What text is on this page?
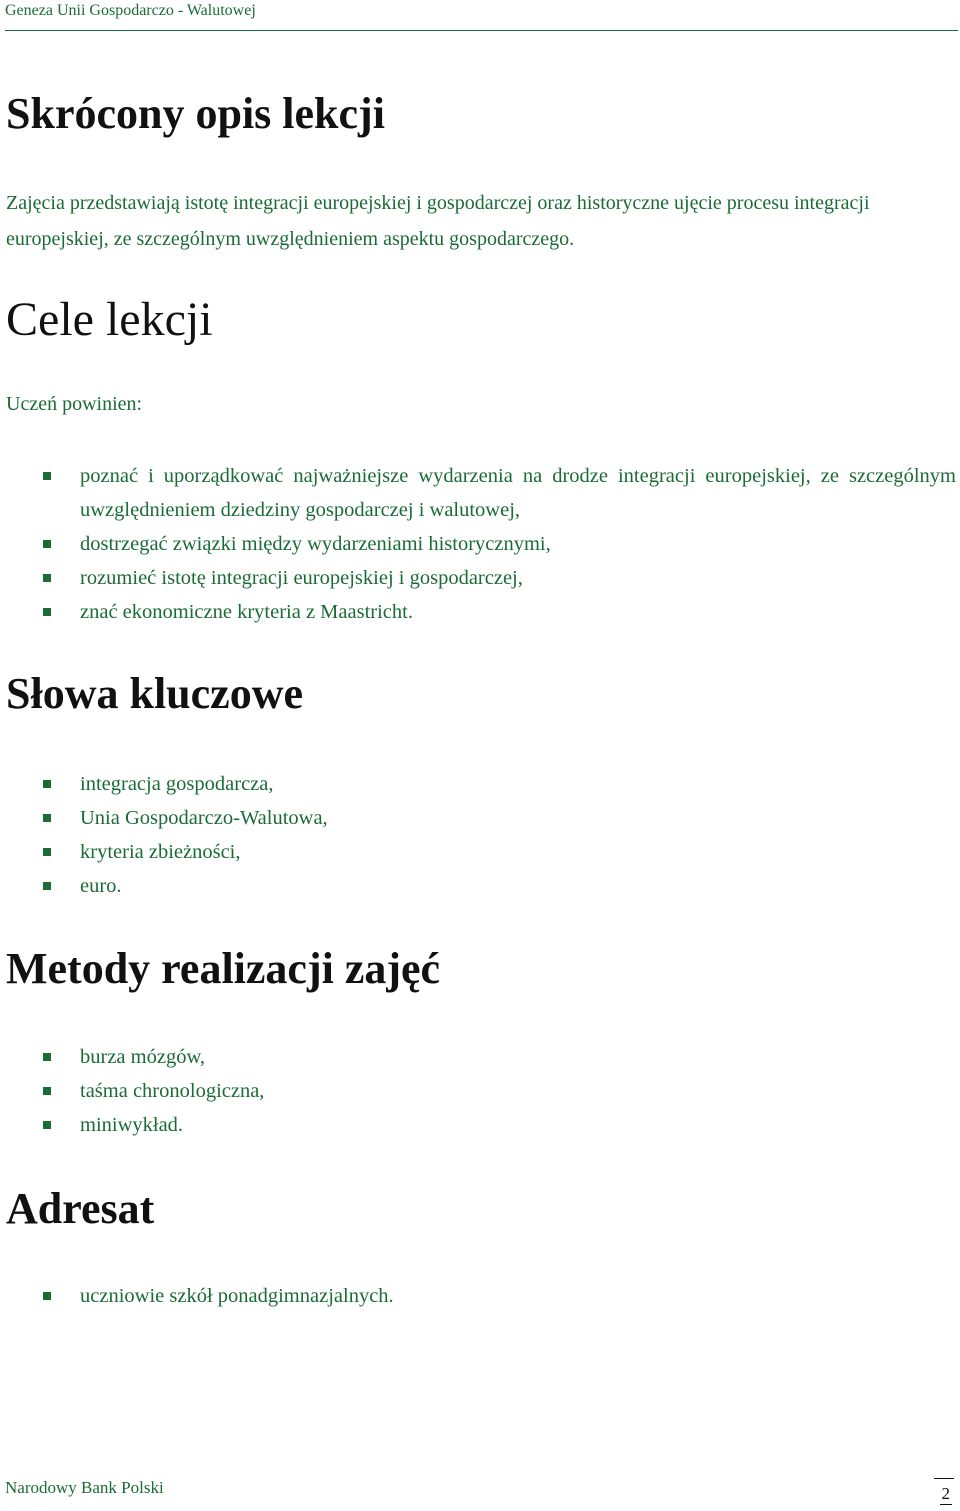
Geneza Unii Gospodarczo - Walutowej
Skrócony opis lekcji

Zajęcia przedstawiają istotę integracji europejskiej i gospodarczej oraz historyczne ujęcie procesu integracji europejskiej, ze szczególnym uwzględnieniem aspektu gospodarczego.

Cele lekcji

Uczeń powinien:

poznać i uporządkować najważniejsze wydarzenia na drodze integracji europejskiej, ze szczególnym uwzględnieniem dziedziny gospodarczej i walutowej,
dostrzegać związki między wydarzeniami historycznymi,
rozumieć istotę integracji europejskiej i gospodarczej,
znać ekonomiczne kryteria z Maastricht.
Słowa kluczowe
integracja gospodarcza,
Unia Gospodarczo-Walutowa,
kryteria zbieżności,
euro.
Metody realizacji zajęć
burza mózgów,
taśma chronologiczna,
miniwykład.
Adresat
uczniowie szkół ponadgimnazjalnych.
Narodowy Bank Polski	2
